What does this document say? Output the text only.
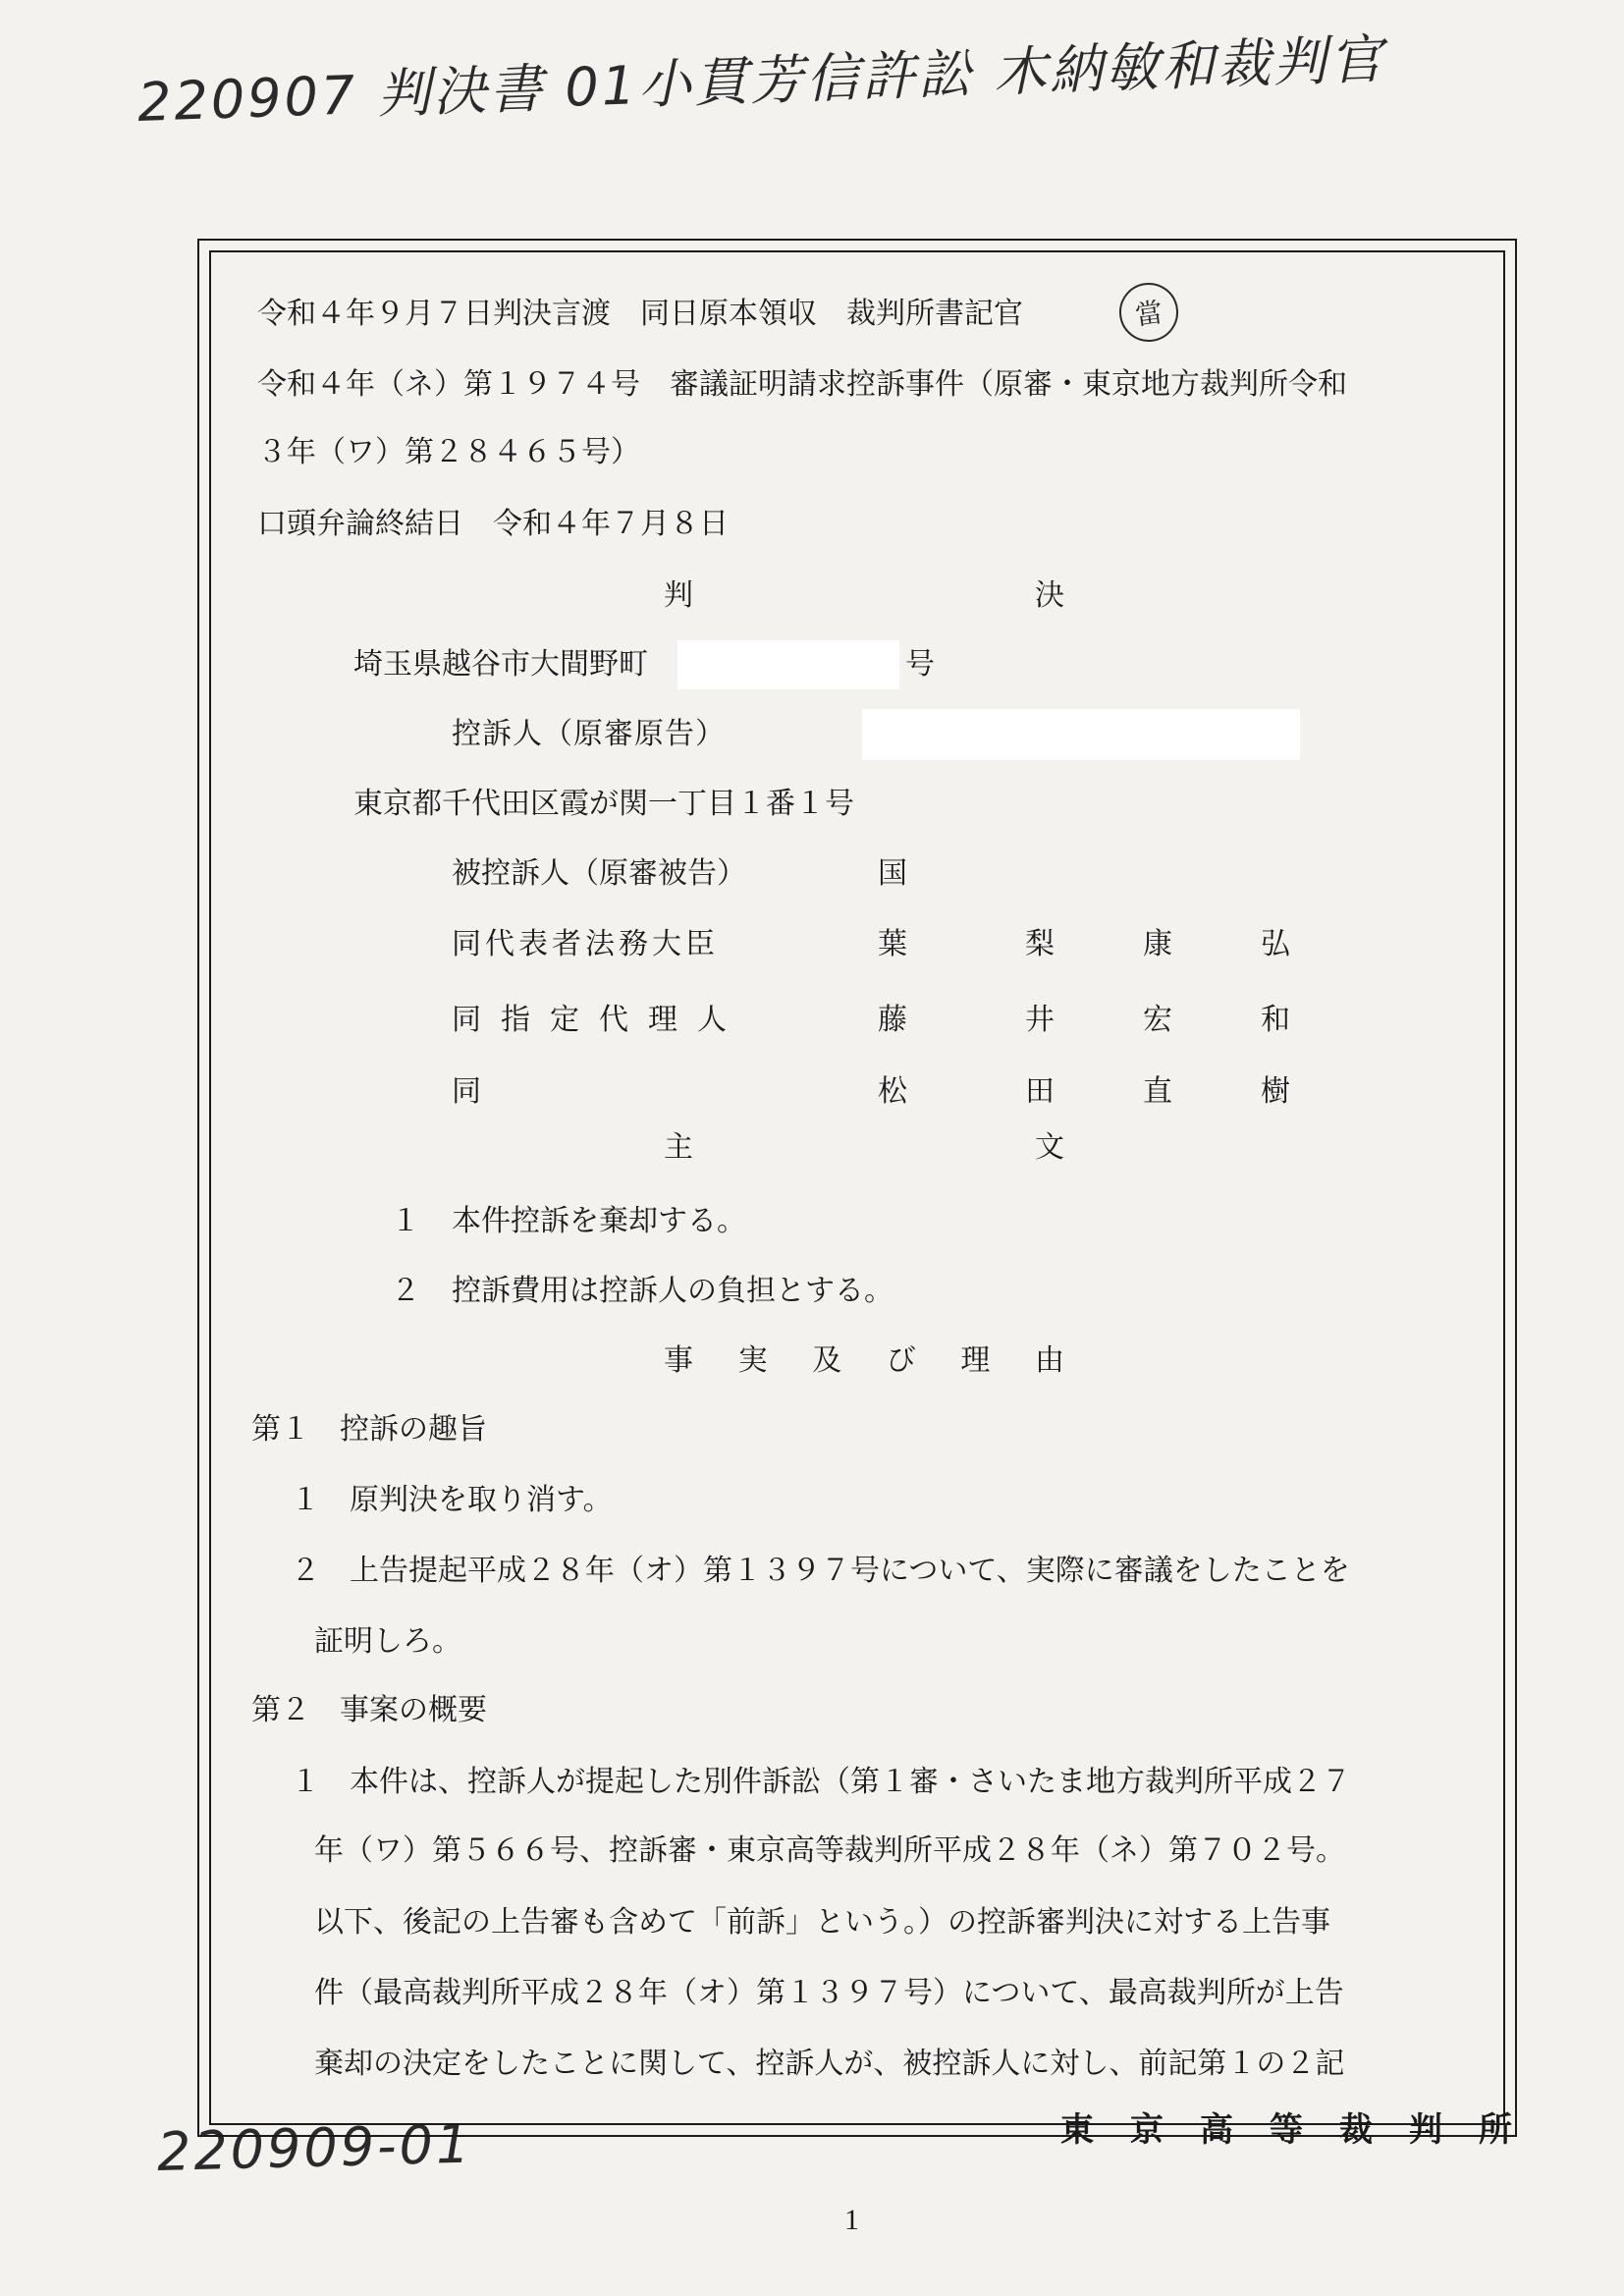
220907 判決書 01小貫芳信許訟 木納敏和裁判官
220909-01
令和４年９月７日判決言渡　同日原本領収　裁判所書記官	當
令和４年（ネ）第１９７４号　審議証明請求控訴事件（原審・東京地方裁判所令和
３年（ワ）第２８４６５号）
口頭弁論終結日　令和４年７月８日
判	決
埼玉県越谷市大間野町	号
控訴人（原審原告）
東京都千代田区霞が関一丁目１番１号
被控訴人（原審被告）	国
同代表者法務大臣	葉	梨	康	弘
同指定代理人	藤	井	宏	和
同	松	田	直	樹
主	文
１ 本件控訴を棄却する。
２ 控訴費用は控訴人の負担とする。
事 実 及 び 理 由
第１　控訴の趣旨
１ 原判決を取り消す。
２ 上告提起平成２８年（オ）第１３９７号について、実際に審議をしたことを
証明しろ。
第２　事案の概要
１ 本件は、控訴人が提起した別件訴訟（第１審・さいたま地方裁判所平成２７
年（ワ）第５６６号、控訴審・東京高等裁判所平成２８年（ネ）第７０２号。
以下、後記の上告審も含めて「前訴」という。）の控訴審判決に対する上告事
件（最高裁判所平成２８年（オ）第１３９７号）について、最高裁判所が上告
棄却の決定をしたことに関して、控訴人が、被控訴人に対し、前記第１の２記
東 京 高 等 裁 判 所
1
